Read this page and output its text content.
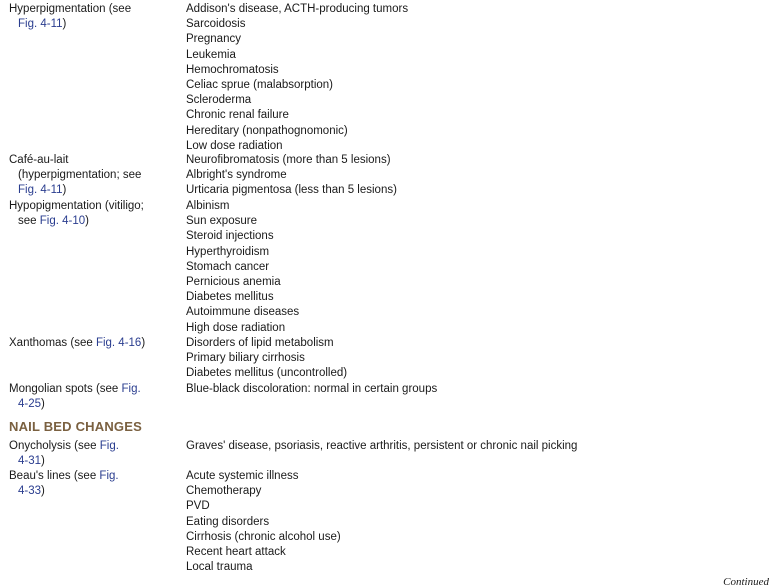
Hyperpigmentation (see
Fig. 4-11)
Addison's disease, ACTH-producing tumors
Sarcoidosis
Pregnancy
Leukemia
Hemochromatosis
Celiac sprue (malabsorption)
Scleroderma
Chronic renal failure
Hereditary (nonpathognomonic)
Low dose radiation
Café-au-lait
(hyperpigmentation; see
Fig. 4-11)
Neurofibromatosis (more than 5 lesions)
Albright's syndrome
Urticaria pigmentosa (less than 5 lesions)
Hypopigmentation (vitiligo;
see Fig. 4-10)
Albinism
Sun exposure
Steroid injections
Hyperthyroidism
Stomach cancer
Pernicious anemia
Diabetes mellitus
Autoimmune diseases
High dose radiation
Xanthomas (see Fig. 4-16)	Disorders of lipid metabolism
Primary biliary cirrhosis
Diabetes mellitus (uncontrolled)
Mongolian spots (see Fig.
4-25)
Blue-black discoloration: normal in certain groups
Onycholysis (see Fig.
4-31)
Graves' disease, psoriasis, reactive arthritis, persistent or chronic nail picking
Beau's lines (see Fig.
4-33)
Acute systemic illness
Chemotherapy
PVD
Eating disorders
Cirrhosis (chronic alcohol use)
Recent heart attack
Local trauma
NAIL BED CHANGES
Continued
